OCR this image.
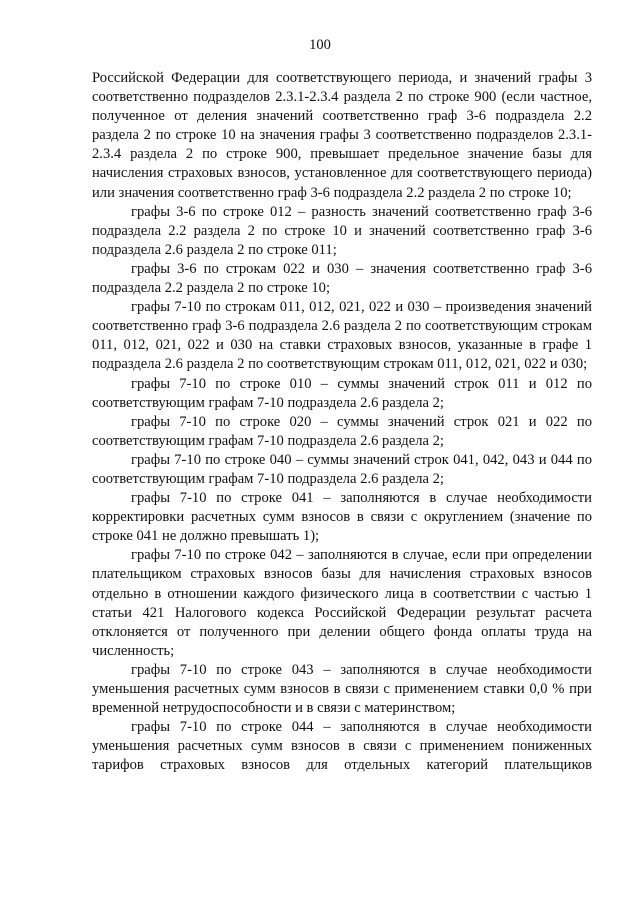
100

Российской Федерации для соответствующего периода, и значений графы 3 соответственно подразделов 2.3.1-2.3.4 раздела 2 по строке 900 (если частное, полученное от деления значений соответственно граф 3-6 подраздела 2.2 раздела 2 по строке 10 на значения графы 3 соответственно подразделов 2.3.1-2.3.4 раздела 2 по строке 900, превышает предельное значение базы для начисления страховых взносов, установленное для соответствующего периода) или значения соответственно граф 3-6 подраздела 2.2 раздела 2 по строке 10;

графы 3-6 по строке 012 – разность значений соответственно граф 3-6 подраздела 2.2 раздела 2 по строке 10 и значений соответственно граф 3-6 подраздела 2.6 раздела 2 по строке 011;

графы 3-6 по строкам 022 и 030 – значения соответственно граф 3-6 подраздела 2.2 раздела 2 по строке 10;

графы 7-10 по строкам 011, 012, 021, 022 и 030 – произведения значений соответственно граф 3-6 подраздела 2.6 раздела 2 по соответствующим строкам 011, 012, 021, 022 и 030 на ставки страховых взносов, указанные в графе 1 подраздела 2.6 раздела 2 по соответствующим строкам 011, 012, 021, 022 и 030;

графы 7-10 по строке 010 – суммы значений строк 011 и 012 по соответствующим графам 7-10 подраздела 2.6 раздела 2;

графы 7-10 по строке 020 – суммы значений строк 021 и 022 по соответствующим графам 7-10 подраздела 2.6 раздела 2;

графы 7-10 по строке 040 – суммы значений строк 041, 042, 043 и 044 по соответствующим графам 7-10 подраздела 2.6 раздела 2;

графы 7-10 по строке 041 – заполняются в случае необходимости корректировки расчетных сумм взносов в связи с округлением (значение по строке 041 не должно превышать 1);

графы 7-10 по строке 042 – заполняются в случае, если при определении плательщиком страховых взносов базы для начисления страховых взносов отдельно в отношении каждого физического лица в соответствии с частью 1 статьи 421 Налогового кодекса Российской Федерации результат расчета отклоняется от полученного при делении общего фонда оплаты труда на численность;

графы 7-10 по строке 043 – заполняются в случае необходимости уменьшения расчетных сумм взносов в связи с применением ставки 0,0 % при временной нетрудоспособности и в связи с материнством;

графы 7-10 по строке 044 – заполняются в случае необходимости уменьшения расчетных сумм взносов в связи с применением пониженных тарифов страховых взносов для отдельных категорий плательщиков
